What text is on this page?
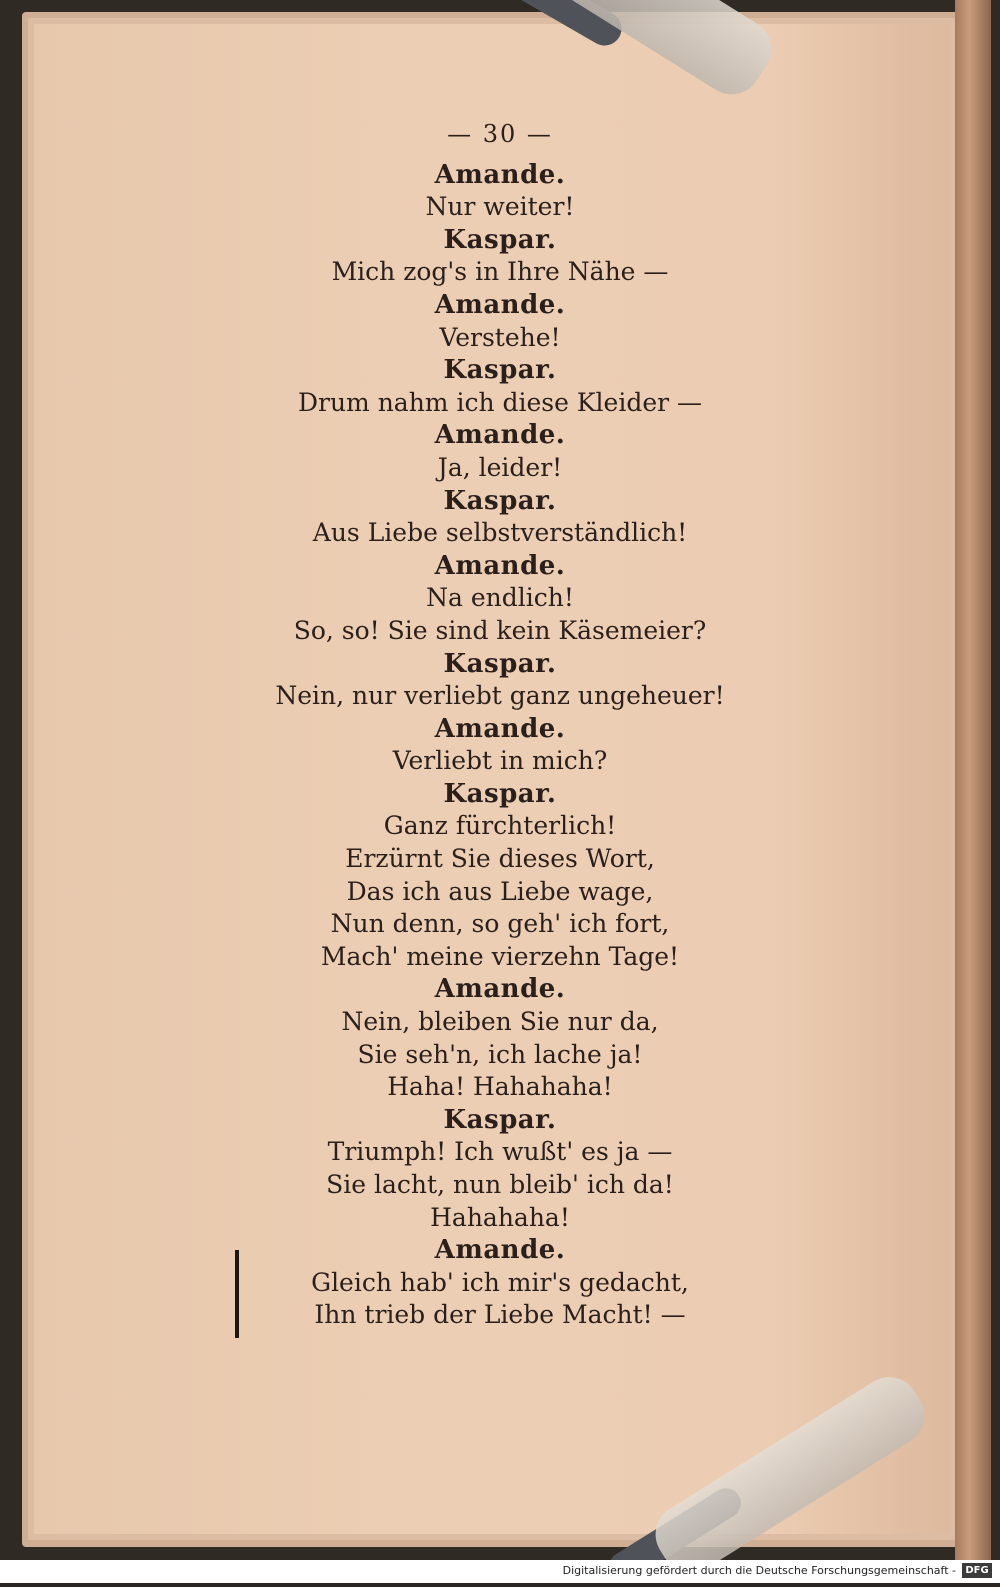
— 30 —
Amande.
Nur weiter!
Kaspar.
Mich zog's in Ihre Nähe —
Amande.
Verstehe!
Kaspar.
Drum nahm ich diese Kleider —
Amande.
Ja, leider!
Kaspar.
Aus Liebe selbstverständlich!
Amande.
Na endlich!
So, so! Sie sind kein Käsemeier?
Kaspar.
Nein, nur verliebt ganz ungeheuer!
Amande.
Verliebt in mich?
Kaspar.
Ganz fürchterlich!
Erzürnt Sie dieses Wort,
Das ich aus Liebe wage,
Nun denn, so geh' ich fort,
Mach' meine vierzehn Tage!
Amande.
Nein, bleiben Sie nur da,
Sie seh'n, ich lache ja!
Haha! Hahahaha!
Kaspar.
Triumph! Ich wußt' es ja —
Sie lacht, nun bleib' ich da!
Hahahaha!
Amande.
Gleich hab' ich mir's gedacht,
Ihn trieb der Liebe Macht! —
Digitalisierung gefördert durch die Deutsche Forschungsgemeinschaft - DFG
